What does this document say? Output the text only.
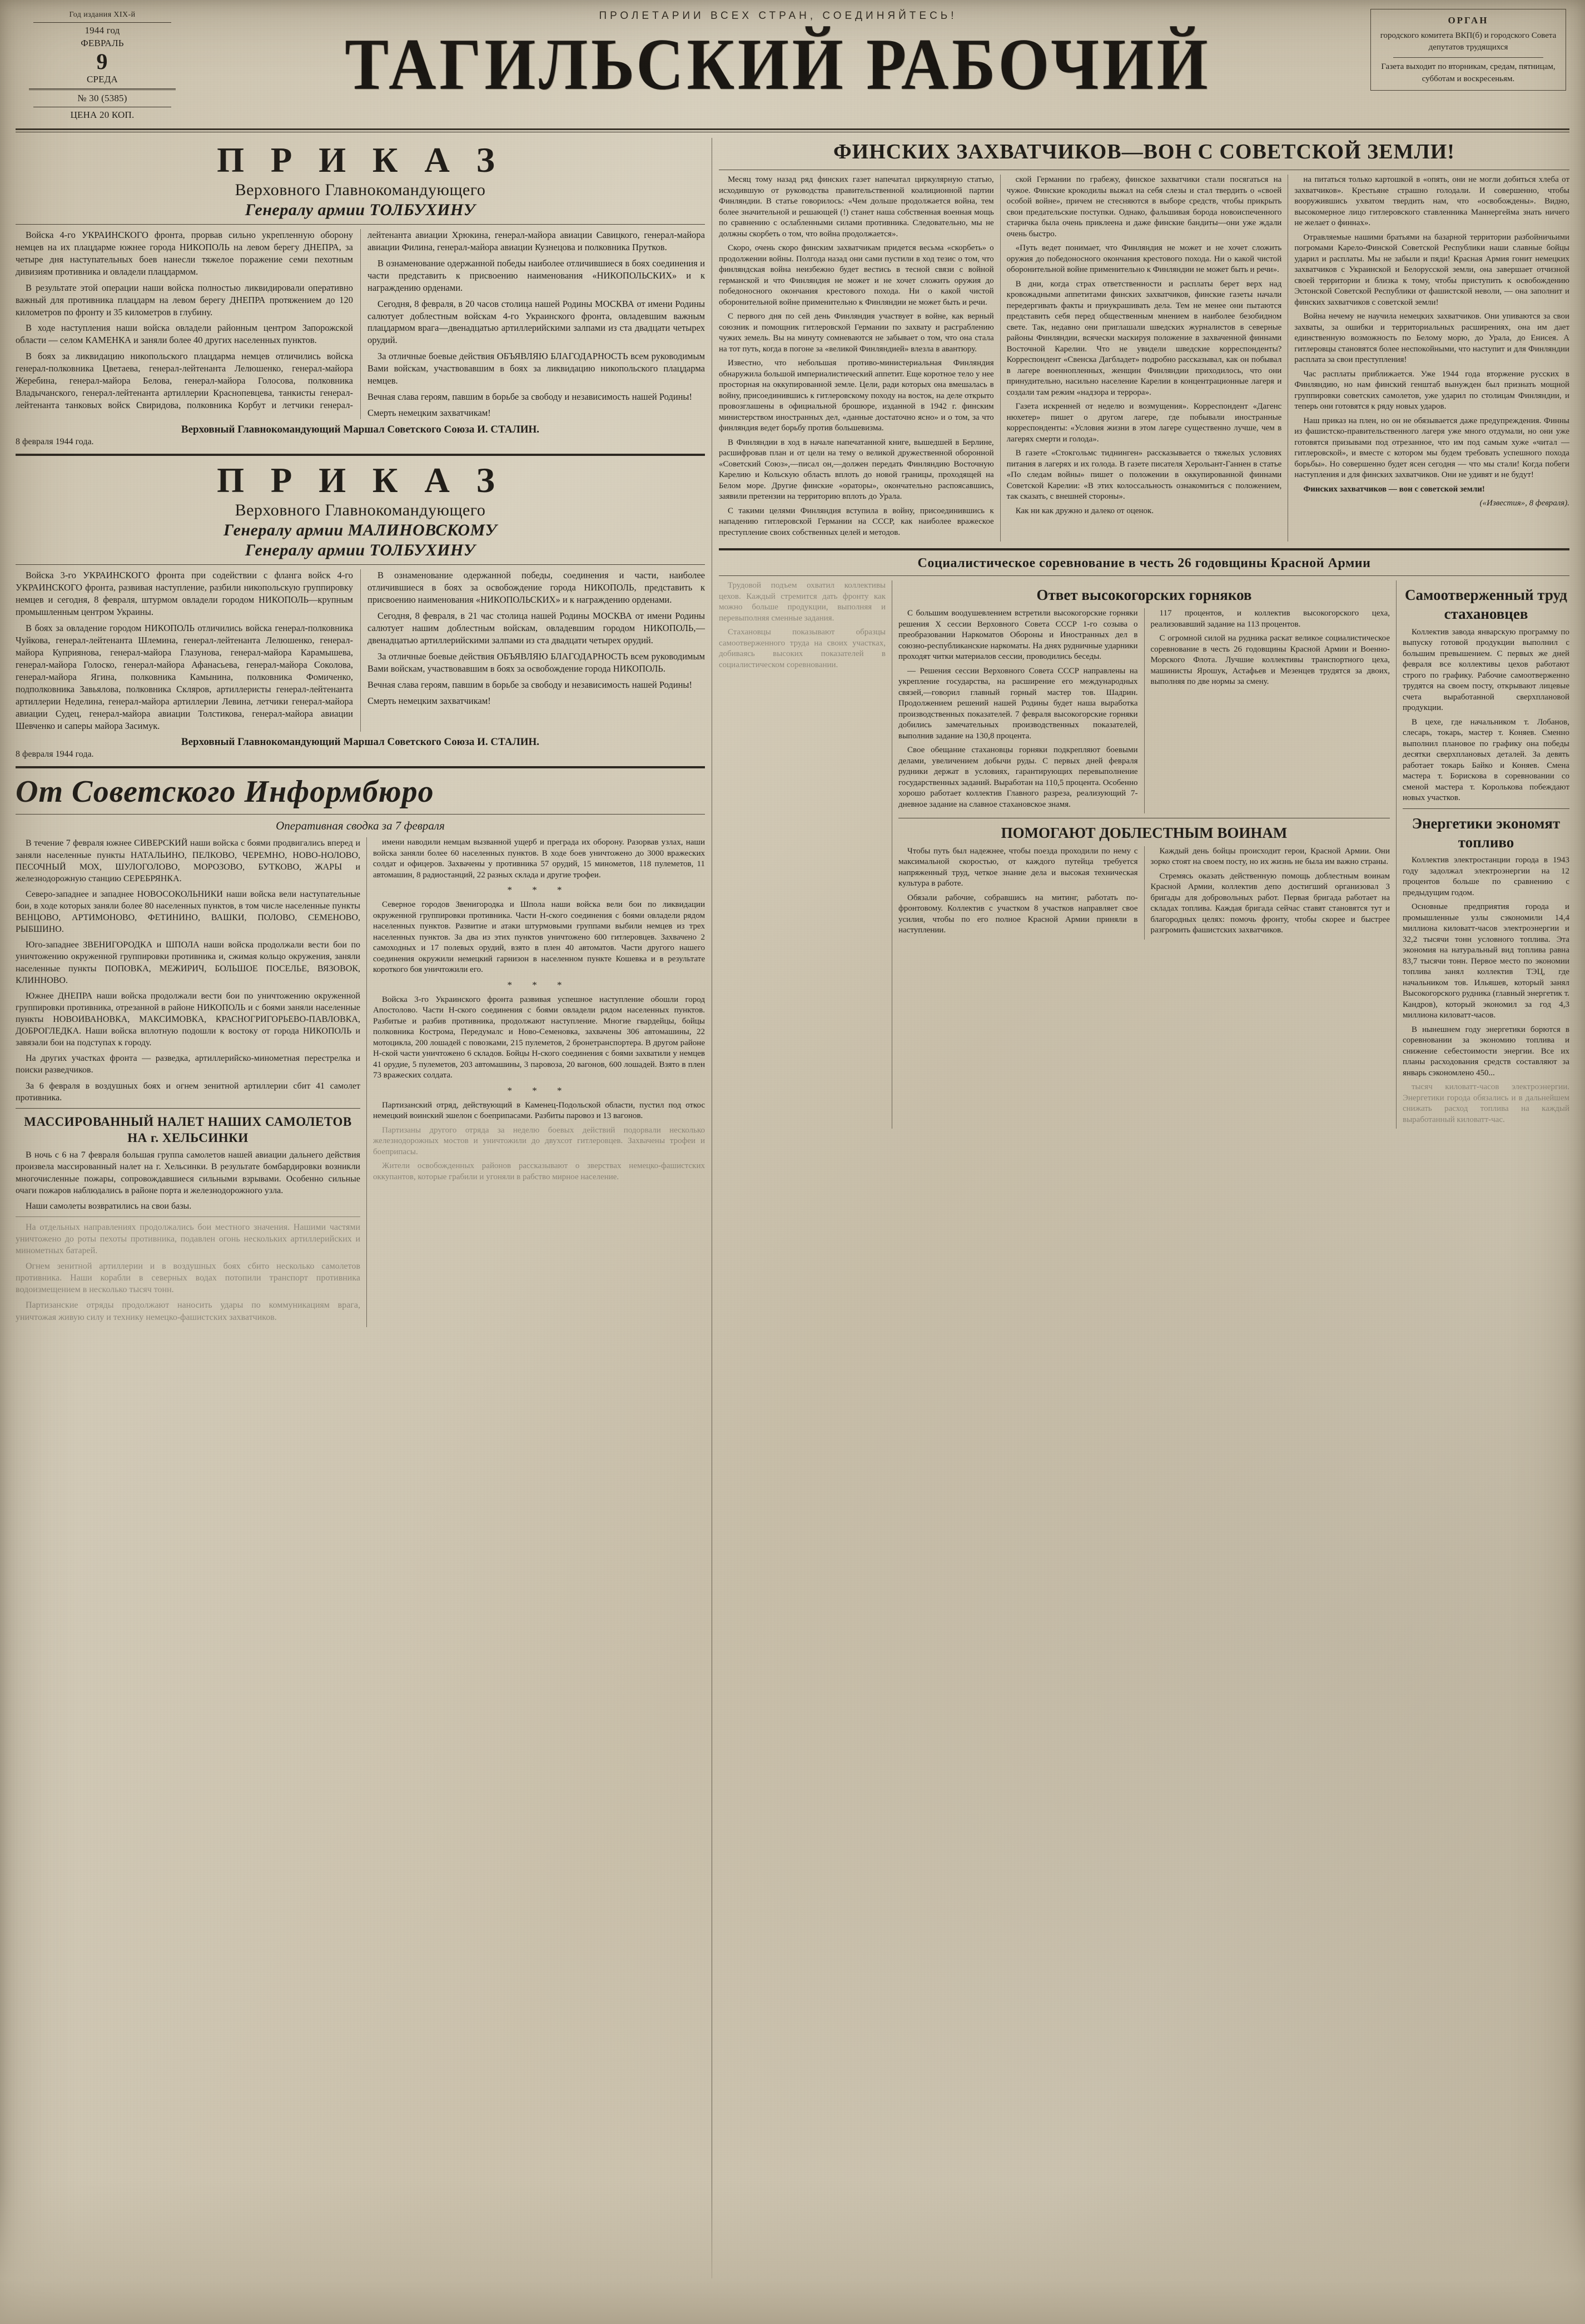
Год издания XIX-й
1944 год
ФЕВРАЛЬ
9
СРЕДА
№ 30 (5385)
ЦЕНА 20 КОП.
ПРОЛЕТАРИИ ВСЕХ СТРАН, СОЕДИНЯЙТЕСЬ!
ТАГИЛЬСКИЙ РАБОЧИЙ
ОРГАН
городского комитета ВКП(б) и городского Совета депутатов трудящихся
Газета выходит по вторникам, средам, пятницам, субботам и воскресеньям.
П Р И К А З
Верховного Главнокомандующего
Генералу армии ТОЛБУХИНУ

Войска 4-го УКРАИНСКОГО фронта, прорвав сильно укрепленную оборону немцев на их плацдарме южнее города НИКОПОЛЬ на левом берегу ДНЕПРА, за четыре дня наступательных боев нанесли тяжелое поражение семи пехотным дивизиям противника и овладели плацдармом.

В результате этой операции наши войска полностью ликвидировали оперативно важный для противника плацдарм на левом берегу ДНЕПРА протяжением до 120 километров по фронту и 35 километров в глубину.

В ходе наступления наши войска овладели районным центром Запорожской области — селом КАМЕНКА и заняли более 40 других населенных пунктов.

В боях за ликвидацию никопольского плацдарма немцев отличились войска генерал-полковника Цветаева, генерал-лейтенанта Лелюшенко, генерал-майора Жеребина, генерал-майора Белова, генерал-майора Голосова, полковника Владычанского, генерал-лейтенанта артиллерии Краснопевцева, танкисты генерал-лейтенанта танковых войск Свиридова, полковника Корбут и летчики генерал-лейтенанта авиации Хрюкина, генерал-майора авиации Савицкого, генерал-майора авиации Филина, генерал-майора авиации Кузнецова и полковника Прутков.

В ознаменование одержанной победы наиболее отличившиеся в боях соединения и части представить к присвоению наименования «НИКОПОЛЬСКИХ» и к награждению орденами.

Сегодня, 8 февраля, в 20 часов столица нашей Родины МОСКВА от имени Родины салютует доблестным войскам 4-го Украинского фронта, овладевшим важным плацдармом врага—двенадцатью артиллерийскими залпами из ста двадцати четырех орудий.

За отличные боевые действия ОБЪЯВЛЯЮ БЛАГОДАРНОСТЬ всем руководимым Вами войскам, участвовавшим в боях за ликвидацию никопольского плацдарма немцев.

Вечная слава героям, павшим в борьбе за свободу и независимость нашей Родины!

Смерть немецким захватчикам!

Верховный Главнокомандующий Маршал Советского Союза И. СТАЛИН.
8 февраля 1944 года.
П Р И К А З
Верховного Главнокомандующего
Генералу армии МАЛИНОВСКОМУ
Генералу армии ТОЛБУХИНУ

Войска 3-го УКРАИНСКОГО фронта при содействии с фланга войск 4-го УКРАИНСКОГО фронта, развивая наступление, разбили никопольскую группировку немцев и сегодня, 8 февраля, штурмом овладели городом НИКОПОЛЬ—крупным промышленным центром Украины.

В боях за овладение городом НИКОПОЛЬ отличились войска генерал-полковника Чуйкова, генерал-лейтенанта Шлемина, генерал-лейтенанта Лелюшенко, генерал-майора Куприянова, генерал-майора Глазунова, генерал-майора Карамышева, генерал-майора Голоско, генерал-майора Афанасьева, генерал-майора Соколова, генерал-майора Ягина, полковника Камынина, полковника Фомиченко, подполковника Завьялова, полковника Скляров, артиллеристы генерал-лейтенанта артиллерии Неделина, генерал-майора артиллерии Левина, летчики генерал-майора авиации Судец, генерал-майора авиации Толстикова, генерал-майора авиации Шевченко и саперы майора Засимук.

В ознаменование одержанной победы, соединения и части, наиболее отличившиеся в боях за освобождение города НИКОПОЛЬ, представить к присвоению наименования «НИКОПОЛЬСКИХ» и к награждению орденами.

Сегодня, 8 февраля, в 21 час столица нашей Родины МОСКВА от имени Родины салютует нашим доблестным войскам, овладевшим городом НИКОПОЛЬ,—двенадцатью артиллерийскими залпами из ста двадцати четырех орудий.

За отличные боевые действия ОБЪЯВЛЯЮ БЛАГОДАРНОСТЬ всем руководимым Вами войскам, участвовавшим в боях за освобождение города НИКОПОЛЬ.

Вечная слава героям, павшим в борьбе за свободу и независимость нашей Родины!

Смерть немецким захватчикам!

Верховный Главнокомандующий Маршал Советского Союза И. СТАЛИН.
8 февраля 1944 года.
От Советского Информбюро
Оперативная сводка за 7 февраля

В течение 7 февраля южнее СИВЕРСКИЙ наши войска с боями продвигались вперед и заняли населенные пункты НАТАЛЬИНО, ПЕЛКОВО, ЧЕРЕМНО, НОВО-НОЛОВО, ПЕСОЧНЫЙ МОХ, ШУЛОГОЛОВО, МОРОЗОВО, БУТКОВО, ЖАРЫ и железнодорожную станцию СЕРЕБРЯНКА.

Северо-западнее и западнее НОВОСОКОЛЬНИКИ наши войска вели наступательные бои, в ходе которых заняли более 80 населенных пунктов, в том числе населенные пункты ВЕНЦОВО, АРТИМОНОВО, ФЕТИНИНО, ВАШКИ, ПОЛОВО, СЕМЕНОВО, РЫБШИНО.

Юго-западнее ЗВЕНИГОРОДКА и ШПОЛА наши войска продолжали вести бои по уничтожению окруженной группировки противника и, сжимая кольцо окружения, заняли населенные пункты ПОПОВКА, МЕЖИРИЧ, БОЛЬШОЕ ПОСЕЛЬЕ, ВЯЗОВОК, КЛИННОВО.

Южнее ДНЕПРА наши войска продолжали вести бои по уничтожению окруженной группировки противника, отрезанной в районе НИКОПОЛЬ и с боями заняли населенные пункты НОВОИВАНОВКА, МАКСИМОВКА, КРАСНОГРИГОРЬЕВО-ПАВЛОВКА, ДОБРОГЛЕДКА. Наши войска вплотную подошли к востоку от города НИКОПОЛЬ и завязали бои на подступах к городу.

На других участках фронта — разведка, артиллерийско-минометная перестрелка и поиски разведчиков.

За 6 февраля в воздушных боях и огнем зенитной артиллерии сбит 41 самолет противника.

МАССИРОВАННЫЙ НАЛЕТ НАШИХ САМОЛЕТОВ НА г. ХЕЛЬСИНКИ

В ночь с 6 на 7 февраля большая группа самолетов нашей авиации дальнего действия произвела массированный налет на г. Хельсинки. В результате бомбардировки возникли многочисленные пожары, сопровождавшиеся сильными взрывами. Особенно сильные очаги пожаров наблюдались в районе порта и железнодорожного узла.

Наши самолеты возвратились на свои базы.

На отдельных направлениях продолжались бои местного значения. Нашими частями уничтожено до роты пехоты противника, подавлен огонь нескольких артиллерийских и минометных батарей.

Огнем зенитной артиллерии и в воздушных боях сбито несколько самолетов противника. Наши корабли в северных водах потопили транспорт противника водоизмещением в несколько тысяч тонн.

Партизанские отряды продолжают наносить удары по коммуникациям врага, уничтожая живую силу и технику немецко-фашистских захватчиков.

имени наводили немцам вызванной ущерб и преграда их оборону. Разорвав узлах, наши войска заняли более 60 населенных пунктов. В ходе боев уничтожено до 3000 вражеских солдат и офицеров. Захвачены у противника 57 орудий, 15 минометов, 118 пулеметов, 11 автомашин, 8 радиостанций, 22 разных склада и другие трофеи.

* * *

Северное городов Звенигородка и Шпола наши войска вели бои по ликвидации окруженной группировки противника. Части Н-ского соединения с боями овладели рядом населенных пунктов. Развитие и атаки штурмовыми группами выбили немцев из трех населенных пунктов. За два из этих пунктов уничтожено 600 гитлеровцев. Захвачено 2 самоходных и 17 полевых орудий, взято в плен 40 автоматов. Части другого нашего соединения окружили немецкий гарнизон в населенном пункте Кошевка и в результате короткого боя уничтожили его.

* * *

Войска 3-го Украинского фронта развивая успешное наступление обошли город Апостолово. Части Н-ского соединения с боями овладели рядом населенных пунктов. Разбитые и разбив противника, продолжают наступление. Многие гвардейцы, бойцы полковника Кострома, Передумалс и Ново-Семеновка, захвачены 306 автомашины, 22 мотоцикла, 200 лошадей с повозками, 215 пулеметов, 2 бронетранспортера. В другом районе Н-ской части уничтожено 6 складов. Бойцы Н-ского соединения с боями захватили у немцев 41 орудие, 5 пулеметов, 203 автомашины, 3 паровоза, 20 вагонов, 600 лошадей. Взято в плен 73 вражеских солдата.

* * *

Партизанский отряд, действующий в Каменец-Подольской области, пустил под откос немецкий воинский эшелон с боеприпасами. Разбиты паровоз и 13 вагонов.

Партизаны другого отряда за неделю боевых действий подорвали несколько железнодорожных мостов и уничтожили до двухсот гитлеровцев. Захвачены трофеи и боеприпасы.

Жители освобожденных районов рассказывают о зверствах немецко-фашистских оккупантов, которые грабили и угоняли в рабство мирное население.

ФИНСКИХ ЗАХВАТЧИКОВ—ВОН С СОВЕТСКОЙ ЗЕМЛИ!

Месяц тому назад ряд финских газет напечатал циркулярную статью, исходившую от руководства правительственной коалиционной партии Финляндии. В статье говорилось: «Чем дольше продолжается война, тем более значительной и решающей (!) станет наша собственная военная мощь по сравнению с ослабленными силами противника. Следовательно, мы не должны скорбеть о том, что война продолжается».

Скоро, очень скоро финским захватчикам придется весьма «скорбеть» о продолжении войны. Полгода назад они сами пустили в ход тезис о том, что финляндская война неизбежно будет вестись в тесной связи с войной германской и что Финляндия не может и не хочет сложить оружия до победоносного окончания крестового похода. Ни о какой чистой оборонительной войне применительно к Финляндии не может быть и речи.

С первого дня по сей день Финляндия участвует в войне, как верный союзник и помощник гитлеровской Германии по захвату и расграблению чужих земель. Вы на минуту сомневаются не забывает о том, что она стала на тот путь, когда в погоне за «великой Финляндией» влезла в авантюру.

Известно, что небольшая противо-министериальная Финляндия обнаружила большой империалистический аппетит. Еще коротное тело у нее просторная на оккупированной земле. Цели, ради которых она вмешалась в войну, присоединившись к гитлеровскому походу на восток, на деле открыто провозглашены в официальной брошюре, изданной в 1942 г. финским министерством иностранных дел, «данные достаточно ясно» и о том, за что финляндия ведет борьбу против большевизма.

В Финляндии в ход в начале напечатанной книге, вышедшей в Берлине, расшифровав план и от цели на тему о великой дружественной оборонной «Советский Союз»,—писал он,—должен передать Финляндию Восточную Карелию и Кольскую область вплоть до новой границы, проходящей на Белом море. Другие финские «ораторы», окончательно распоясавшись, заявили претензии на территорию вплоть до Урала.

С такими целями Финляндия вступила в войну, присоединившись к нападению гитлеровской Германии на СССР, как наиболее вражеское преступление своих собственных целей и методов.

ской Германии по грабежу, финское захватчики стали посягаться на чужое. Финские крокодилы выжал на себя слезы и стал твердить о «своей особой войне», причем не стесняются в выборе средств, чтобы прикрыть свои предательские поступки. Однако, фальшивая борода новоиспеченного старичка была очень приклеена и даже финские бандиты—они уже ждали очень быстро.

«Путь ведет понимает, что Финляндия не может и не хочет сложить оружия до победоносного окончания крестового похода. Ни о какой чистой оборонительной войне применительно к Финляндии не может быть и речи».

В дни, когда страх ответственности и расплаты берет верх над кровожадными аппетитами финских захватчиков, финские газеты начали передергивать факты и приукрашивать дела. Тем не менее они пытаются представить себя перед общественным мнением в наиболее безобидном свете. Так, недавно они приглашали шведских журналистов в северные районы Финляндии, всячески маскируя положение в захваченной финнами Восточной Карелии. Что не увидели шведские корреспонденты? Корреспондент «Свенска Дагбладет» подробно рассказывал, как он побывал в лагере военнопленных, женщин Финляндии приходилось, что они принудительно, насильно население Карелии в концентрационные лагеря и создали там режим «надзора и террора».

Газета искренней от неделю и возмущения». Корреспондент «Дагенс нюхетер» пишет о другом лагере, где побывали иностранные корреспонденты: «Условия жизни в этом лагере существенно лучше, чем в лагерях смерти и голода».

В газете «Стокгольмс тиднинген» рассказывается о тяжелых условиях питания в лагерях и их голода. В газете писателя Херольант-Ганнен в статье «По следам войны» пишет о положении в оккупированной финнами Советской Карелии: «В этих колоссальность ознакомиться с положением, так сказать, с внешней стороны».

Как ни как дружно и далеко от оценок.

на питаться только картошкой в «опять, они не могли добиться хлеба от захватчиков». Крестьяне страшно голодали. И совершенно, чтобы вооружившись ухватом твердить нам, что «освобождены». Видно, высокомерное лицо гитлеровского ставленника Маннергейма знать ничего не желает о финнах».

Отравляемые нашими братьями на базарной территории разбойничьими погромами Карело-Финской Советской Республики наши славные бойцы ударил и расплаты. Мы не забыли и пяди! Красная Армия гонит немецких захватчиков с Украинской и Белорусской земли, она завершает отчизной своей территории и близка к тому, чтобы приступить к освобождению Эстонской Советской Республики от фашистской неволи, — она заполнит и финских захватчиков с советской земли!

Война нечему не научила немецких захватчиков. Они упиваются за свои захваты, за ошибки и территориальных расширениях, она им дает единственную возможность по Белому морю, до Урала, до Енисея. А гитлеровцы становятся более неспокойными, что наступит и для Финляндии расплата за свои преступления!

Час расплаты приближается. Уже 1944 года вторжение русских в Финляндию, но нам финский генштаб вынужден был признать мощной группировки советских самолетов, уже ударил по столицам Финляндии, и теперь они готовятся к ряду новых ударов.

Наш приказ на плен, но он не обязывается даже предупреждения. Финны из фашистско-правительственного лагеря уже много отдумали, но они уже готовятся призывами под отрезанное, что им под самым хуже «читал — гитлеровской», и вместе с котором мы будем требовать успешного похода борьбы». Но совершенно будет ясен сегодня — что мы стали! Когда побеги наступления и для финских захватчиков. Они не удивят и не будут!

Финских захватчиков — вон с советской земли!

(«Известия», 8 февраля).

Социалистическое соревнование в честь 26 годовщины Красной Армии

Трудовой подъем охватил коллективы цехов. Каждый стремится дать фронту как можно больше продукции, выполняя и перевыполняя сменные задания.

Стахановцы показывают образцы самоотверженного труда на своих участках, добиваясь высоких показателей в социалистическом соревновании.

Ответ высокогорских горняков

С большим воодушевлением встретили высокогорские горняки решения X сессии Верховного Совета СССР 1-го созыва о преобразовании Наркоматов Обороны и Иностранных дел в союзно-республиканские наркоматы. На днях рудничные ударники проходят читки материалов сессии, проводились беседы.

— Решения сессии Верховного Совета СССР направлены на укрепление государства, на расширение его международных связей,—говорил главный горный мастер тов. Шадрин. Продолжением решений нашей Родины будет наша выработка производственных показателей. 7 февраля высокогорские горняки добились замечательных производственных показателей, выполнив задание на 130,8 процента.

Свое обещание стахановцы горняки подкрепляют боевыми делами, увеличением добычи руды. С первых дней февраля рудники держат в условиях, гарантирующих перевыполнение государственных заданий. Выработан на 110,5 процента. Особенно хорошо работает коллектив Главного разреза, реализующий 7-дневное задание на славное стахановское знамя.

117 процентов, и коллектив высокогорского цеха, реализовавший задание на 113 процентов.

С огромной силой на рудника раскат великое социалистическое соревнование в честь 26 годовщины Красной Армии и Военно-Морского Флота. Лучшие коллективы транспортного цеха, машинисты Ярошук, Астафьев и Мезенцев трудятся за двоих, выполняя по две нормы за смену.

ПОМОГАЮТ ДОБЛЕСТНЫМ ВОИНАМ

Чтобы путь был надежнее, чтобы поезда проходили по нему с максимальной скоростью, от каждого путейца требуется напряженный труд, четкое знание дела и высокая техническая культура в работе.

Обязали рабочие, собравшись на митинг, работать по-фронтовому. Коллектив с участком 8 участков направляет свое усилия, чтобы по его полное Красной Армии приняли в наступлении.

Каждый день бойцы происходит герои, Красной Армии. Они зорко стоят на своем посту, но их жизнь не была им важно страны.

Стремясь оказать действенную помощь доблестным воинам Красной Армии, коллектив депо достигший организовал 3 бригады для добровольных работ. Первая бригада работает на складах топлива. Каждая бригада сейчас ставят становятся тут и благородных целях: помочь фронту, чтобы скорее и быстрее разгромить фашистских захватчиков.

Самоотверженный труд стахановцев

Коллектив завода январскую программу по выпуску готовой продукции выполнил с большим превышением. С первых же дней февраля все коллективы цехов работают строго по графику. Рабочие самоотверженно трудятся на своем посту, открывают лицевые счета выработанной сверхплановой продукции.

В цехе, где начальником т. Лобанов, слесарь, токарь, мастер т. Коняев. Сменно выполнил плановое по графику она победы десятки сверхплановых деталей. За девять работает токарь Байко и Коняев. Смена мастера т. Борискова в соревновании со сменой мастера т. Королькова побеждают новых участков.

Энергетики экономят топливо

Коллектив электростанции города в 1943 году задолжал электроэнергии на 12 процентов больше по сравнению с предыдущим годом.

Основные предприятия города и промышленные узлы сэкономили 14,4 миллиона киловатт-часов электроэнергии и 32,2 тысячи тонн условного топлива. Эта экономия на натуральный вид топлива равна 83,7 тысячи тонн. Первое место по экономии топлива занял коллектив ТЭЦ, где начальником тов. Ильяшев, который занял Высокогорского рудника (главный энергетик т. Кандров), который экономил за год 4,3 миллиона киловатт-часов.

В нынешнем году энергетики борются в соревновании за экономию топлива и снижение себестоимости энергии. Все их планы расходования средств составляют за январь сэкономлено 450...

тысяч киловатт-часов электроэнергии. Энергетики города обязались и в дальнейшем снижать расход топлива на каждый выработанный киловатт-час.
